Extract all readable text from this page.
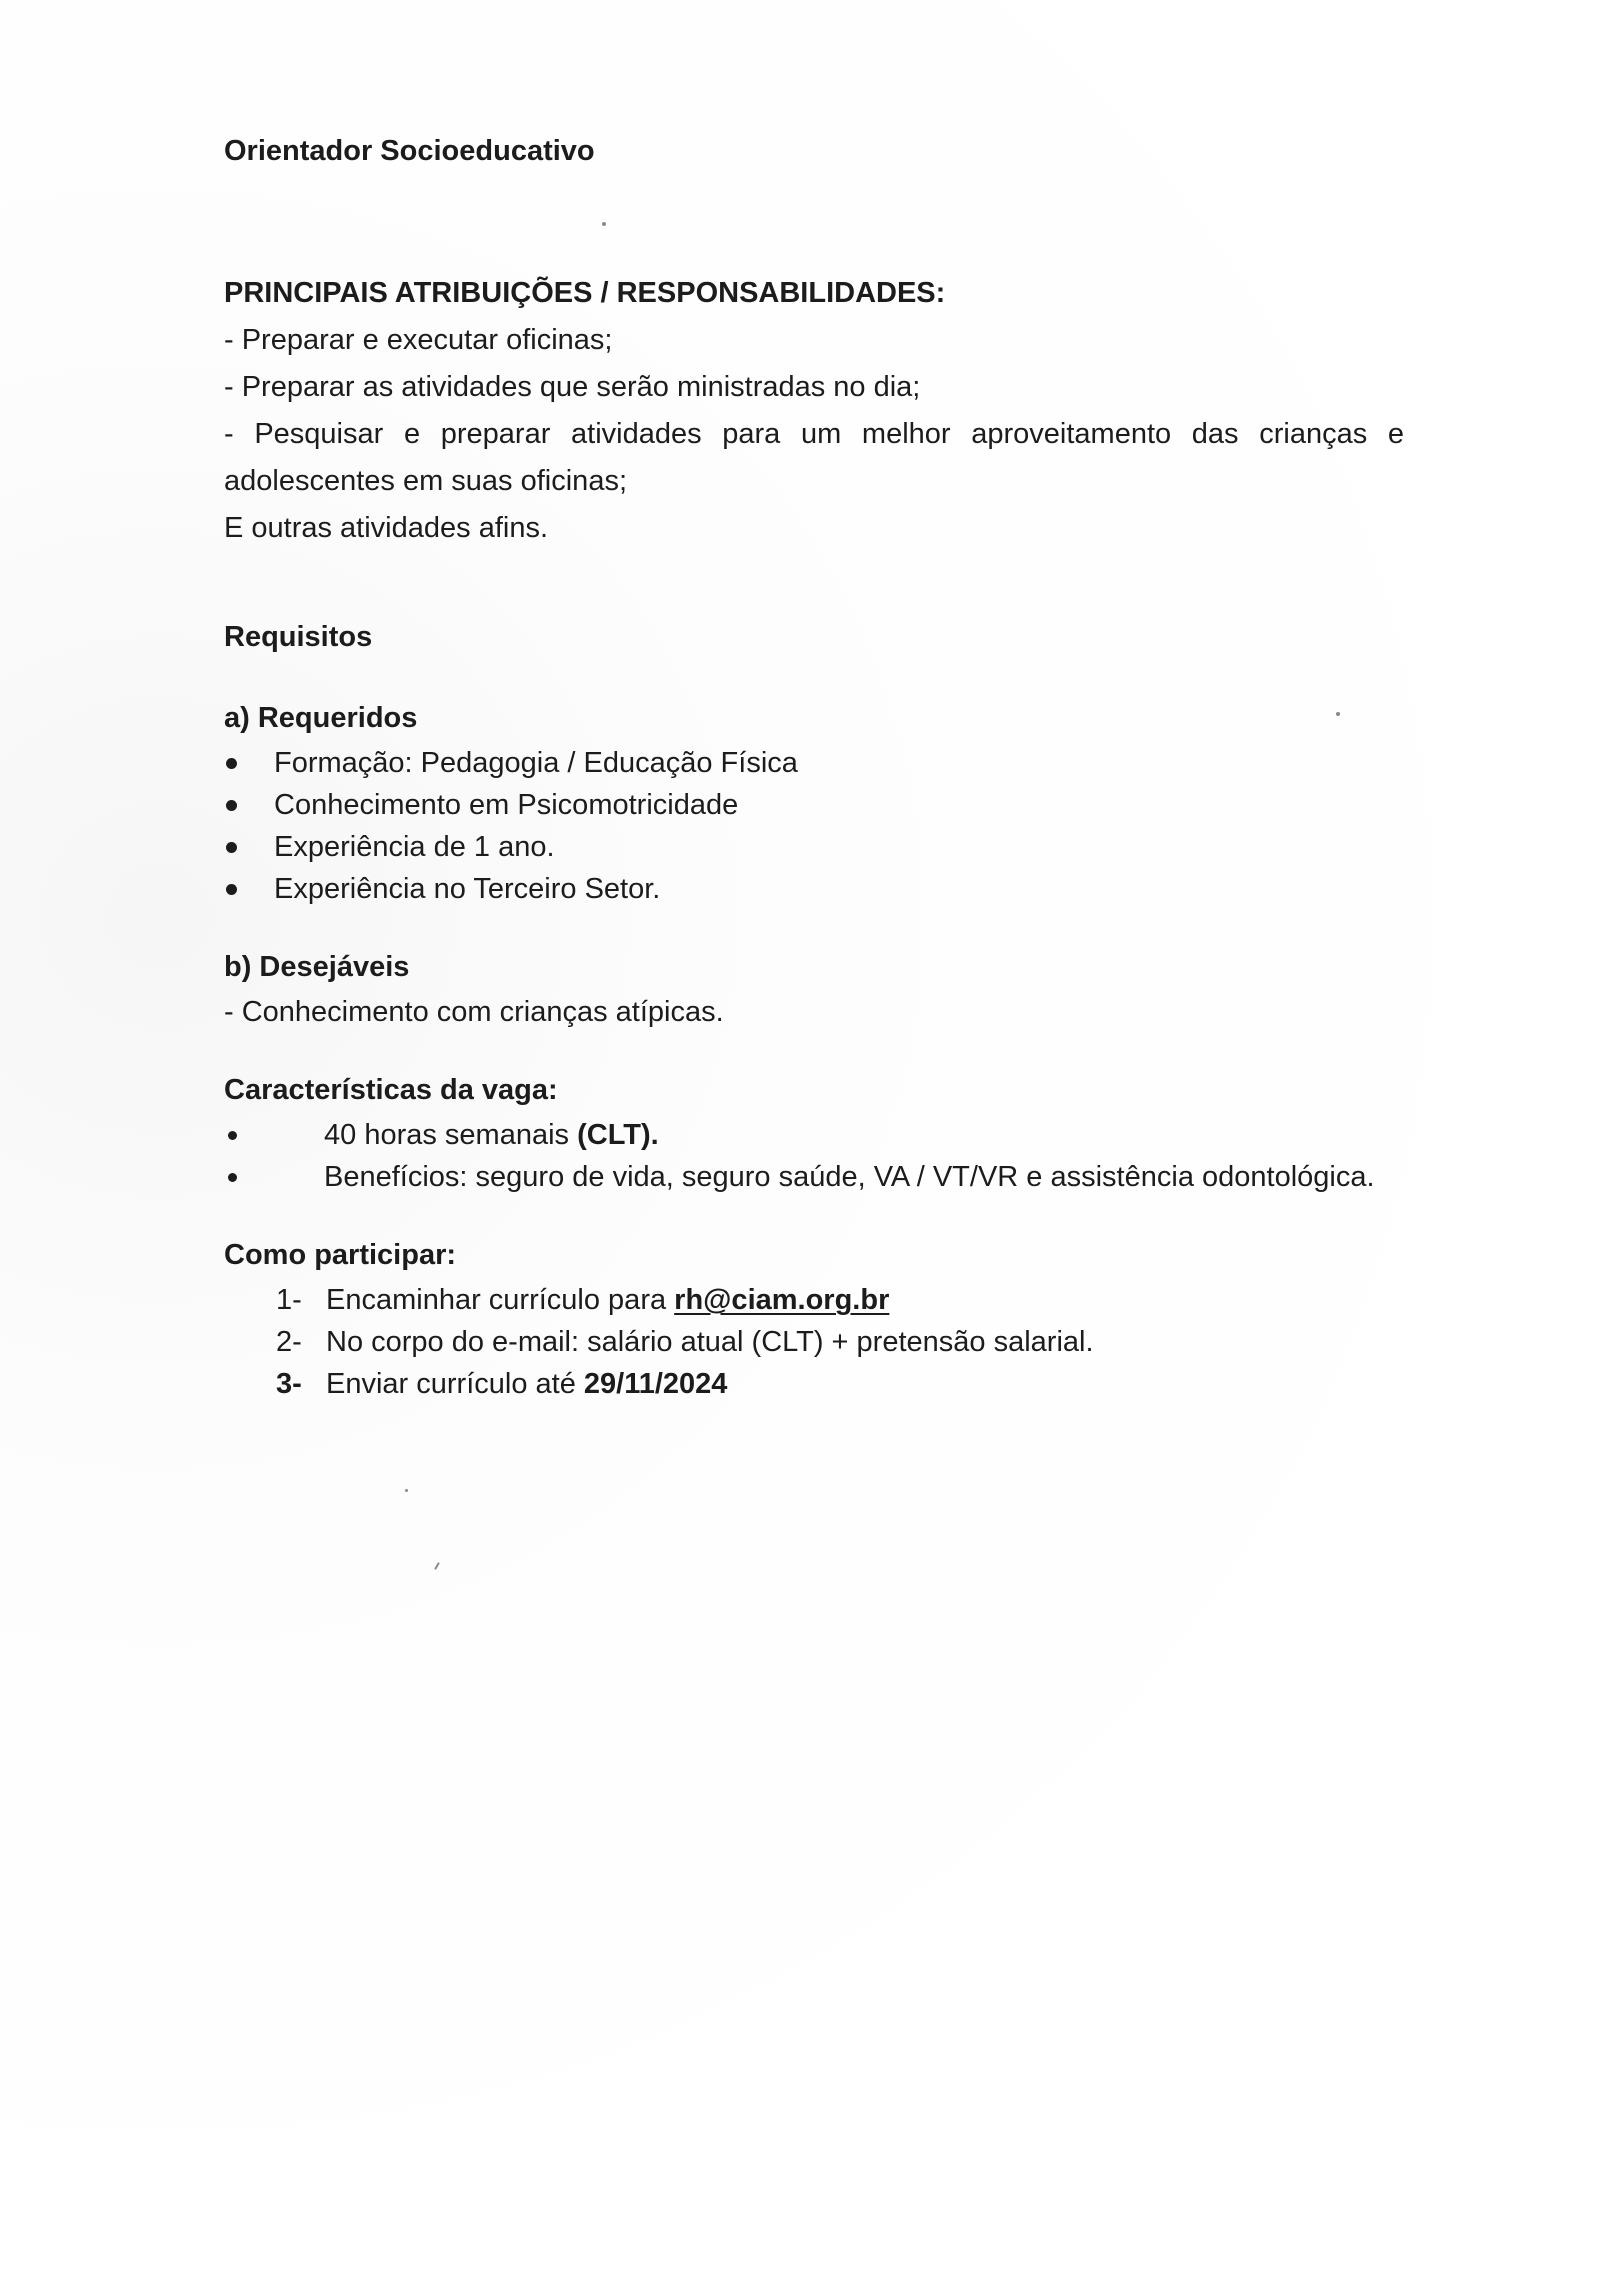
Orientador Socioeducativo

PRINCIPAIS ATRIBUIÇÕES / RESPONSABILIDADES:

- Preparar e executar oficinas;

- Preparar as atividades que serão ministradas no dia;

- Pesquisar e preparar atividades para um melhor aproveitamento das crianças e

adolescentes em suas oficinas;

E outras atividades afins.

Requisitos

a) Requeridos

Formação: Pedagogia / Educação Física
Conhecimento em Psicomotricidade
Experiência de 1 ano.
Experiência no Terceiro Setor.

b) Desejáveis

- Conhecimento com crianças atípicas.

Características da vaga:

40 horas semanais (CLT).
Benefícios: seguro de vida, seguro saúde, VA / VT/VR e assistência odontológica.

Como participar:

1- Encaminhar currículo para rh@ciam.org.br
2- No corpo do e-mail: salário atual (CLT) + pretensão salarial.
3- Enviar currículo até 29/11/2024
